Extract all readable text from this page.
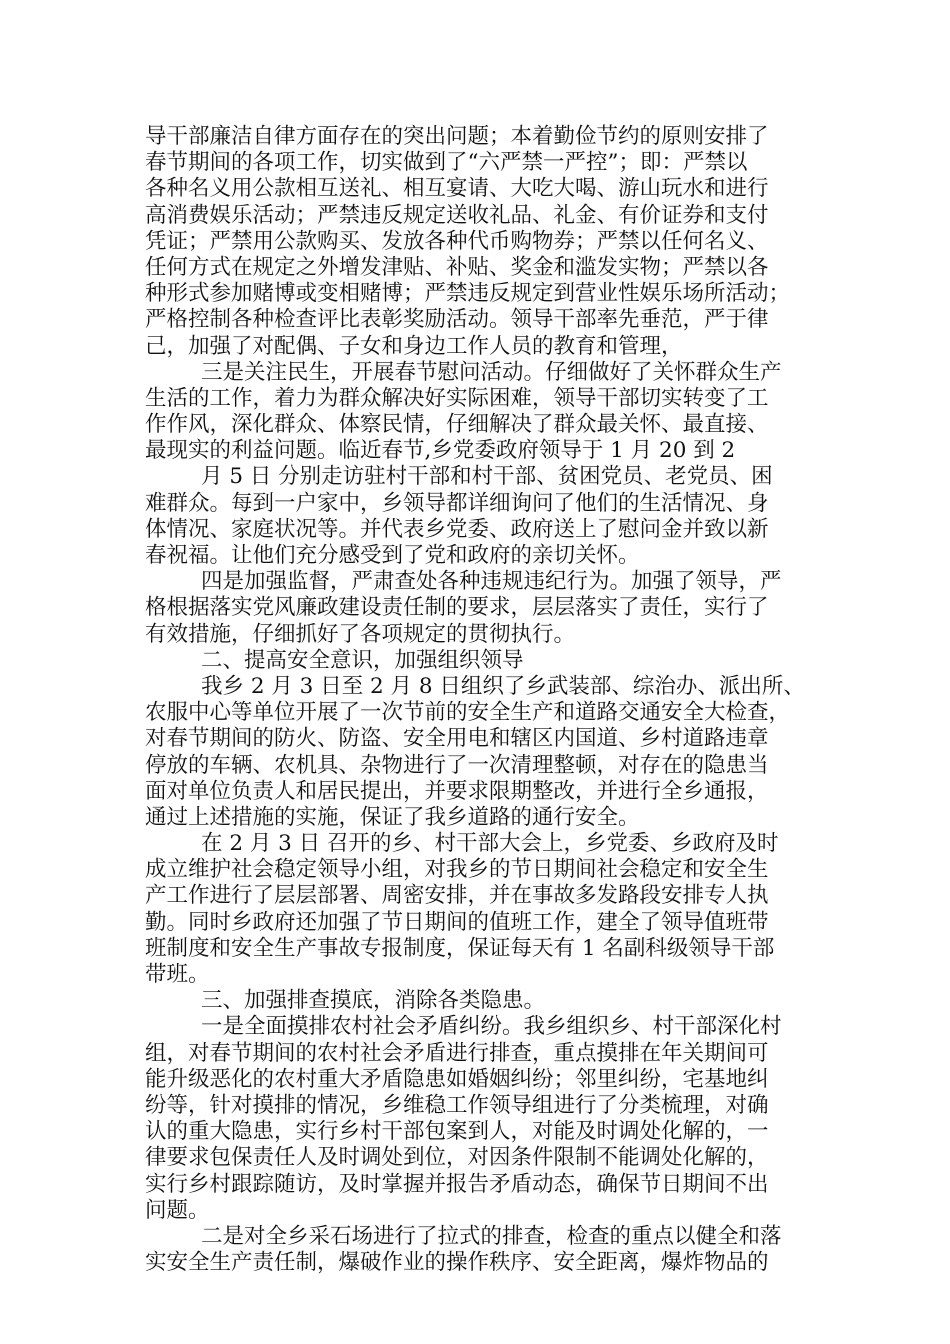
导干部廉洁自律方面存在的突出问题；本着勤俭节约的原则安排了
春节期间的各项工作，切实做到了“六严禁一严控”；即：严禁以
各种名义用公款相互送礼、相互宴请、大吃大喝、游山玩水和进行
高消费娱乐活动；严禁违反规定送收礼品、礼金、有价证券和支付
凭证；严禁用公款购买、发放各种代币购物券；严禁以任何名义、
任何方式在规定之外增发津贴、补贴、奖金和滥发实物；严禁以各
种形式参加赌博或变相赌博；严禁违反规定到营业性娱乐场所活动；
严格控制各种检查评比表彰奖励活动。领导干部率先垂范，严于律
己，加强了对配偶、子女和身边工作人员的教育和管理，
三是关注民生，开展春节慰问活动。仔细做好了关怀群众生产
生活的工作，着力为群众解决好实际困难，领导干部切实转变了工
作作风，深化群众、体察民情，仔细解决了群众最关怀、最直接、
最现实的利益问题。临近春节,乡党委政府领导于 1 月 20 到 2
月 5 日 分别走访驻村干部和村干部、贫困党员、老党员、困
难群众。每到一户家中，乡领导都详细询问了他们的生活情况、身
体情况、家庭状况等。并代表乡党委、政府送上了慰问金并致以新
春祝福。让他们充分感受到了党和政府的亲切关怀。
四是加强监督，严肃查处各种违规违纪行为。加强了领导，严
格根据落实党风廉政建设责任制的要求，层层落实了责任，实行了
有效措施，仔细抓好了各项规定的贯彻执行。
二、提高安全意识，加强组织领导
我乡 2 月 3 日至 2 月 8 日组织了乡武装部、综治办、派出所、
农服中心等单位开展了一次节前的安全生产和道路交通安全大检查，
对春节期间的防火、防盗、安全用电和辖区内国道、乡村道路违章
停放的车辆、农机具、杂物进行了一次清理整顿，对存在的隐患当
面对单位负责人和居民提出，并要求限期整改，并进行全乡通报，
通过上述措施的实施，保证了我乡道路的通行安全。
在 2 月 3 日 召开的乡、村干部大会上，乡党委、乡政府及时
成立维护社会稳定领导小组，对我乡的节日期间社会稳定和安全生
产工作进行了层层部署、周密安排，并在事故多发路段安排专人执
勤。同时乡政府还加强了节日期间的值班工作，建全了领导值班带
班制度和安全生产事故专报制度，保证每天有 1 名副科级领导干部
带班。
三、加强排查摸底，消除各类隐患。
一是全面摸排农村社会矛盾纠纷。我乡组织乡、村干部深化村
组，对春节期间的农村社会矛盾进行排查，重点摸排在年关期间可
能升级恶化的农村重大矛盾隐患如婚姻纠纷；邻里纠纷，宅基地纠
纷等，针对摸排的情况，乡维稳工作领导组进行了分类梳理，对确
认的重大隐患，实行乡村干部包案到人，对能及时调处化解的，一
律要求包保责任人及时调处到位，对因条件限制不能调处化解的，
实行乡村跟踪随访，及时掌握并报告矛盾动态，确保节日期间不出
问题。
二是对全乡采石场进行了拉式的排查，检查的重点以健全和落
实安全生产责任制，爆破作业的操作秩序、安全距离，爆炸物品的
